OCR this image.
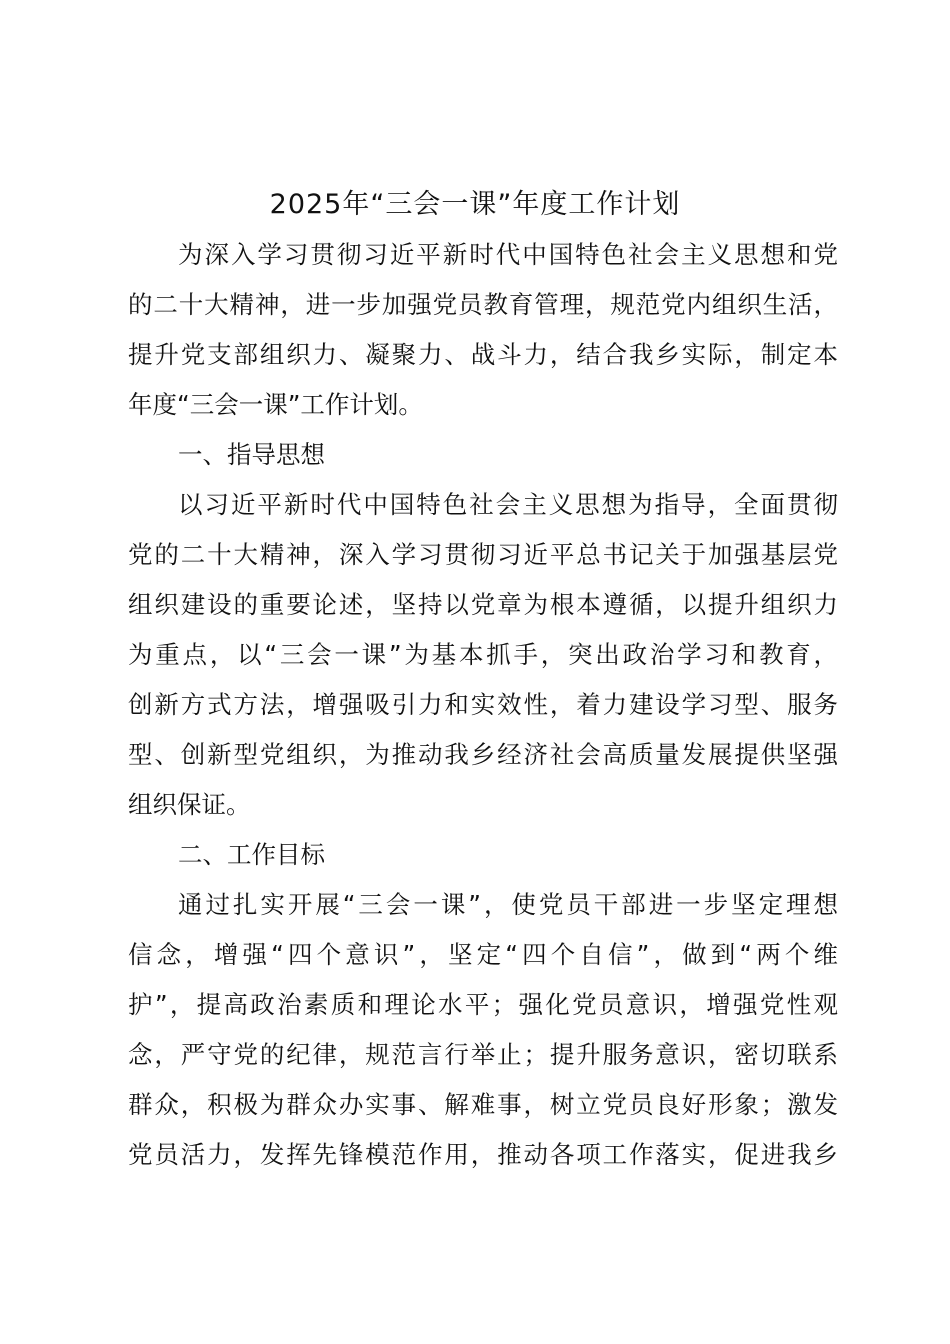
2025年“三会一课”年度工作计划
为深入学习贯彻习近平新时代中国特色社会主义思想和党
的二十大精神，进一步加强党员教育管理，规范党内组织生活，
提升党支部组织力、凝聚力、战斗力，结合我乡实际，制定本
年度“三会一课”工作计划。
一、指导思想
以习近平新时代中国特色社会主义思想为指导，全面贯彻
党的二十大精神，深入学习贯彻习近平总书记关于加强基层党
组织建设的重要论述，坚持以党章为根本遵循，以提升组织力
为重点，以“三会一课”为基本抓手，突出政治学习和教育，
创新方式方法，增强吸引力和实效性，着力建设学习型、服务
型、创新型党组织，为推动我乡经济社会高质量发展提供坚强
组织保证。
二、工作目标
通过扎实开展“三会一课”，使党员干部进一步坚定理想
信念，增强“四个意识”，坚定“四个自信”，做到“两个维
护”，提高政治素质和理论水平；强化党员意识，增强党性观
念，严守党的纪律，规范言行举止；提升服务意识，密切联系
群众，积极为群众办实事、解难事，树立党员良好形象；激发
党员活力，发挥先锋模范作用，推动各项工作落实，促进我乡
